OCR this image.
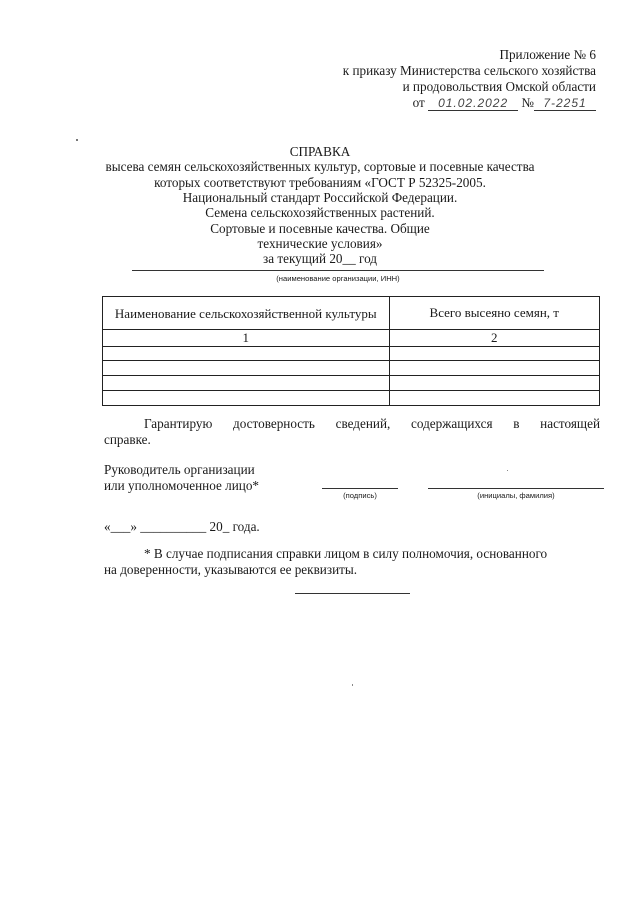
Приложение № 6
к приказу Министерства сельского хозяйства
и продовольствия Омской области
от 01.02.2022 № 7-2251
СПРАВКА
высева семян сельскохозяйственных культур, сортовые и посевные качества
которых соответствуют требованиям «ГОСТ Р 52325-2005.
Национальный стандарт Российской Федерации.
Семена сельскохозяйственных растений.
Сортовые и посевные качества. Общие
технические условия»
за текущий 20__ год
(наименование организации, ИНН)
Наименование сельскохозяйственной культуры	Всего высеяно семян, т
1	2

Гарантирую достоверность сведений, содержащихся в настоящей
справке.
Руководитель организации
или уполномоченное лицо*
(подпись)	(инициалы, фамилия)
«___» __________ 20_ года.
* В случае подписания справки лицом в силу полномочия, основанного
на доверенности, указываются ее реквизиты.
